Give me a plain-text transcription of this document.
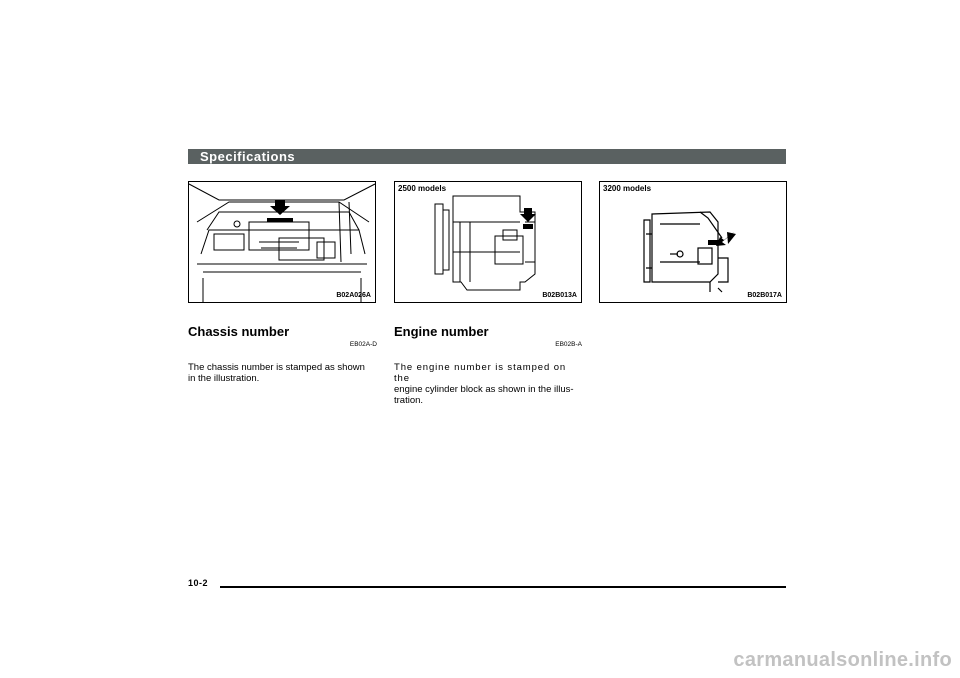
Specifications
B02A026A
2500 models
B02B013A
3200 models
B02B017A
Chassis number
EB02A-D
The chassis number is stamped as shown
in the illustration.
Engine number
EB02B-A
The engine number is stamped on the
engine cylinder block as shown in the illus-
tration.
10-2
carmanualsonline.info
